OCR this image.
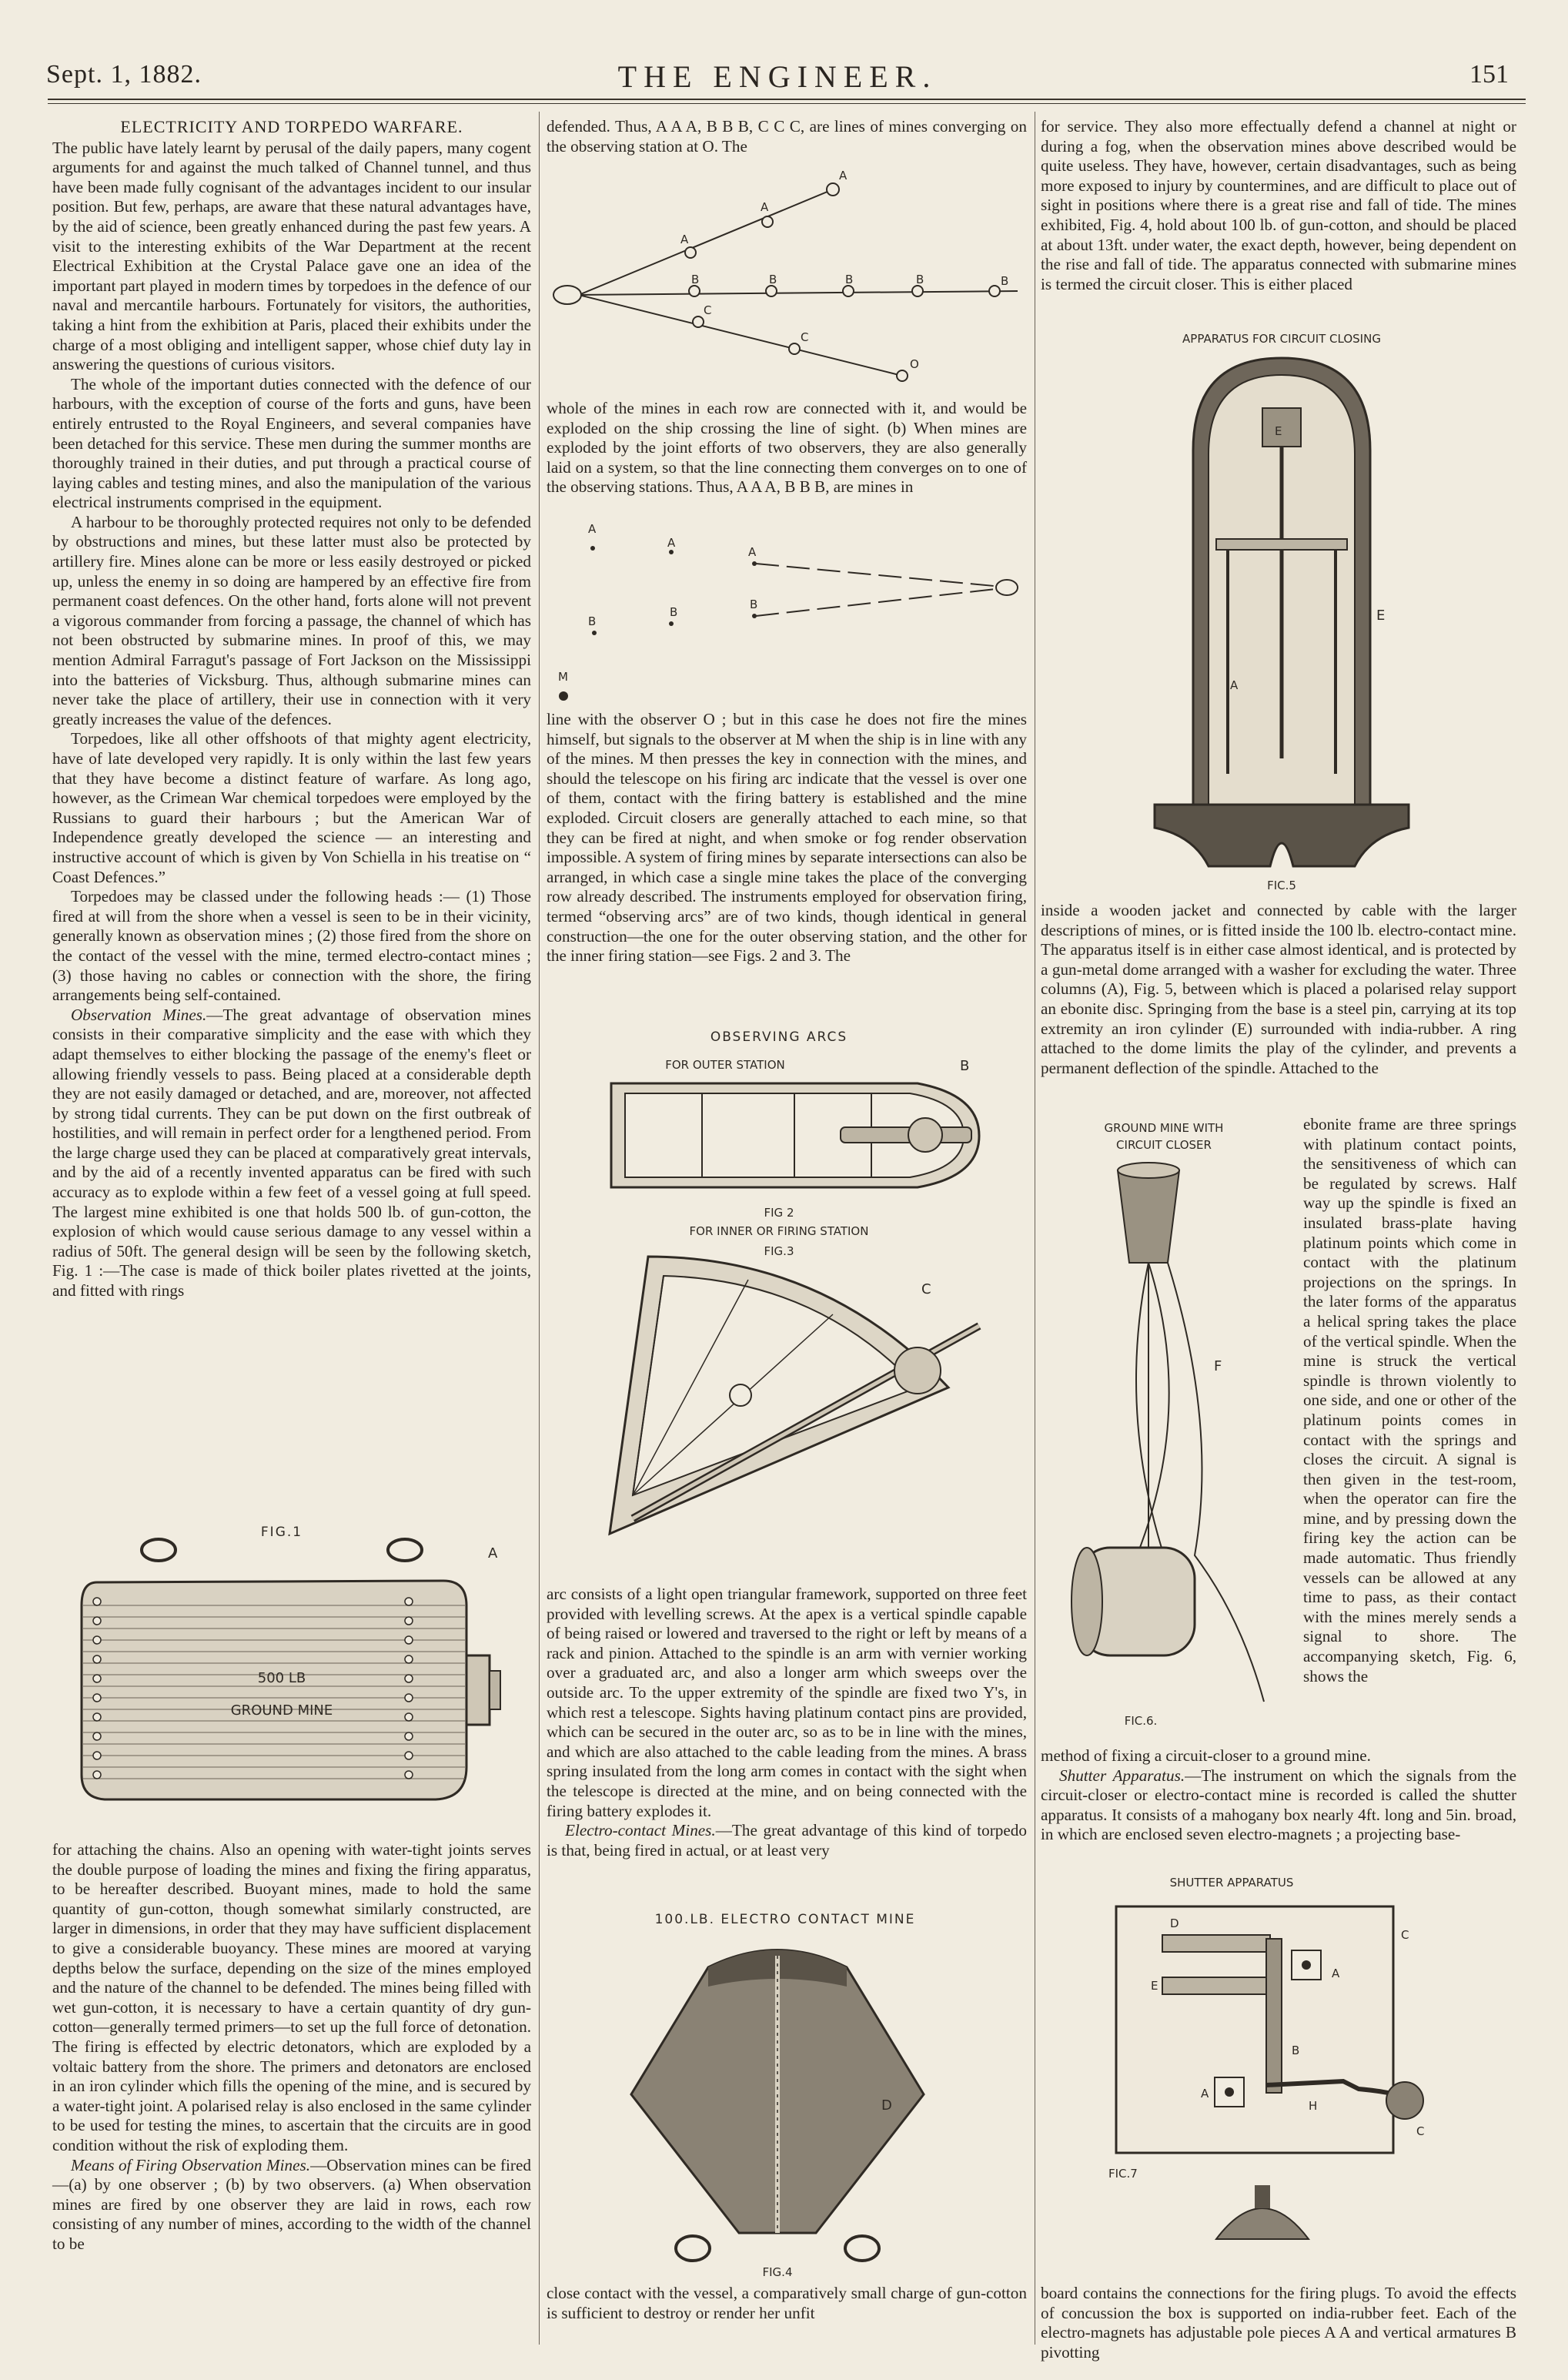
Sept. 1, 1882.	THE ENGINEER.	151
ELECTRICITY AND TORPEDO WARFARE.

The public have lately learnt by perusal of the daily papers, many cogent arguments for and against the much talked of Channel tunnel, and thus have been made fully cognisant of the advantages incident to our insular position. But few, perhaps, are aware that these natural advantages have, by the aid of science, been greatly enhanced during the past few years. A visit to the interesting exhibits of the War Department at the recent Electrical Exhibition at the Crystal Palace gave one an idea of the important part played in modern times by torpedoes in the defence of our naval and mercantile harbours. Fortunately for visitors, the authorities, taking a hint from the exhibition at Paris, placed their exhibits under the charge of a most obliging and intelligent sapper, whose chief duty lay in answering the questions of curious visitors.

The whole of the important duties connected with the defence of our harbours, with the exception of course of the forts and guns, have been entirely entrusted to the Royal Engineers, and several companies have been detached for this service. These men during the summer months are thoroughly trained in their duties, and put through a practical course of laying cables and testing mines, and also the manipulation of the various electrical instruments comprised in the equipment.

A harbour to be thoroughly protected requires not only to be defended by obstructions and mines, but these latter must also be protected by artillery fire. Mines alone can be more or less easily destroyed or picked up, unless the enemy in so doing are hampered by an effective fire from permanent coast defences. On the other hand, forts alone will not prevent a vigorous commander from forcing a passage, the channel of which has not been obstructed by submarine mines. In proof of this, we may mention Admiral Farragut's passage of Fort Jackson on the Mississippi into the batteries of Vicksburg. Thus, although submarine mines can never take the place of artillery, their use in connection with it very greatly increases the value of the defences.

Torpedoes, like all other offshoots of that mighty agent electricity, have of late developed very rapidly. It is only within the last few years that they have become a distinct feature of warfare. As long ago, however, as the Crimean War chemical torpedoes were employed by the Russians to guard their harbours ; but the American War of Independence greatly developed the science — an interesting and instructive account of which is given by Von Schiella in his treatise on “ Coast Defences.”

Torpedoes may be classed under the following heads :— (1) Those fired at will from the shore when a vessel is seen to be in their vicinity, generally known as observation mines ; (2) those fired from the shore on the contact of the vessel with the mine, termed electro-contact mines ; (3) those having no cables or connection with the shore, the firing arrangements being self-contained.

Observation Mines.—The great advantage of observation mines consists in their comparative simplicity and the ease with which they adapt themselves to either blocking the passage of the enemy's fleet or allowing friendly vessels to pass. Being placed at a considerable depth they are not easily damaged or detached, and are, moreover, not affected by strong tidal currents. They can be put down on the first outbreak of hostilities, and will remain in perfect order for a lengthened period. From the large charge used they can be placed at comparatively great intervals, and by the aid of a recently invented apparatus can be fired with such accuracy as to explode within a few feet of a vessel going at full speed. The largest mine exhibited is one that holds 500 lb. of gun-cotton, the explosion of which would cause serious damage to any vessel within a radius of 50ft. The general design will be seen by the following sketch, Fig. 1 :—The case is made of thick boiler plates rivetted at the joints, and fitted with rings

FIG.1
A
500 LB
GROUND MINE

for attaching the chains. Also an opening with water-tight joints serves the double purpose of loading the mines and fixing the firing apparatus, to be hereafter described. Buoyant mines, made to hold the same quantity of gun-cotton, though somewhat similarly constructed, are larger in dimensions, in order that they may have sufficient displacement to give a considerable buoyancy. These mines are moored at varying depths below the surface, depending on the size of the mines employed and the nature of the channel to be defended. The mines being filled with wet gun-cotton, it is necessary to have a certain quantity of dry gun-cotton—generally termed primers—to set up the full force of detonation. The firing is effected by electric detonators, which are exploded by a voltaic battery from the shore. The primers and detonators are enclosed in an iron cylinder which fills the opening of the mine, and is secured by a water-tight joint. A polarised relay is also enclosed in the same cylinder to be used for testing the mines, to ascertain that the circuits are in good condition without the risk of exploding them.

Means of Firing Observation Mines.—Observation mines can be fired—(a) by one observer ; (b) by two observers. (a) When observation mines are fired by one observer they are laid in rows, each row consisting of any number of mines, according to the width of the channel to be

defended. Thus, A A A, B B B, C C C, are lines of mines converging on the observing station at O. The

A
A
A
B	B	B	B	B
C
C
O

whole of the mines in each row are connected with it, and would be exploded on the ship crossing the line of sight. (b) When mines are exploded by the joint efforts of two observers, they are also generally laid on a system, so that the line connecting them converges on to one of the observing stations. Thus, A A A, B B B, are mines in

A
A
A
B
B
B
M

line with the observer O ; but in this case he does not fire the mines himself, but signals to the observer at M when the ship is in line with any of the mines. M then presses the key in connection with the mines, and should the telescope on his firing arc indicate that the vessel is over one of them, contact with the firing battery is established and the mine exploded. Circuit closers are generally attached to each mine, so that they can be fired at night, and when smoke or fog render observation impossible. A system of firing mines by separate intersections can also be arranged, in which case a single mine takes the place of the converging row already described. The instruments employed for observation firing, termed “observing arcs” are of two kinds, though identical in general construction—the one for the outer observing station, and the other for the inner firing station—see Figs. 2 and 3. The

OBSERVING ARCS
FOR OUTER STATION	B
FIG 2
FOR INNER OR FIRING STATION
FIG.3
C

arc consists of a light open triangular framework, supported on three feet provided with levelling screws. At the apex is a vertical spindle capable of being raised or lowered and traversed to the right or left by means of a rack and pinion. Attached to the spindle is an arm with vernier working over a graduated arc, and also a longer arm which sweeps over the outside arc. To the upper extremity of the spindle are fixed two Y's, in which rest a telescope. Sights having platinum contact pins are provided, which can be secured in the outer arc, so as to be in line with the mines, and which are also attached to the cable leading from the mines. A brass spring insulated from the long arm comes in contact with the sight when the telescope is directed at the mine, and on being connected with the firing battery explodes it.

Electro-contact Mines.—The great advantage of this kind of torpedo is that, being fired in actual, or at least very

100.LB. ELECTRO CONTACT MINE
D
FIG.4

close contact with the vessel, a comparatively small charge of gun-cotton is sufficient to destroy or render her unfit

for service. They also more effectually defend a channel at night or during a fog, when the observation mines above described would be quite useless. They have, however, certain disadvantages, such as being more exposed to injury by countermines, and are difficult to place out of sight in positions where there is a great rise and fall of tide. The mines exhibited, Fig. 4, hold about 100 lb. of gun-cotton, and should be placed at about 13ft. under water, the exact depth, however, being dependent on the rise and fall of tide. The apparatus connected with submarine mines is termed the circuit closer. This is either placed

APPARATUS FOR CIRCUIT CLOSING
E
E
A
FIC.5

inside a wooden jacket and connected by cable with the larger descriptions of mines, or is fitted inside the 100 lb. electro-contact mine. The apparatus itself is in either case almost identical, and is protected by a gun-metal dome arranged with a washer for excluding the water. Three columns (A), Fig. 5, between which is placed a polarised relay support an ebonite disc. Springing from the base is a steel pin, carrying at its top extremity an iron cylinder (E) surrounded with india-rubber. A ring attached to the dome limits the play of the cylinder, and prevents a permanent deflection of the spindle. Attached to the

GROUND MINE WITH
CIRCUIT CLOSER
F
FIC.6.

ebonite frame are three springs with platinum contact points, the sensitiveness of which can be regulated by screws. Half way up the spindle is fixed an insulated brass-plate having platinum points which come in contact with the platinum projections on the springs. In the later forms of the apparatus a helical spring takes the place of the vertical spindle. When the mine is struck the vertical spindle is thrown violently to one side, and one or other of the platinum points comes in contact with the springs and closes the circuit. A signal is then given in the test-room, when the operator can fire the mine, and by pressing down the firing key the action can be made automatic. Thus friendly vessels can be allowed at any time to pass, as their contact with the mines merely sends a signal to shore. The accompanying sketch, Fig. 6, shows the

method of fixing a circuit-closer to a ground mine.

Shutter Apparatus.—The instrument on which the signals from the circuit-closer or electro-contact mine is recorded is called the shutter apparatus. It consists of a mahogany box nearly 4ft. long and 5in. broad, in which are enclosed seven electro-magnets ; a projecting base-

SHUTTER APPARATUS
D
E
A
A
B
C
C
H
FIC.7

board contains the connections for the firing plugs. To avoid the effects of concussion the box is supported on india-rubber feet. Each of the electro-magnets has adjustable pole pieces A A and vertical armatures B pivotting
